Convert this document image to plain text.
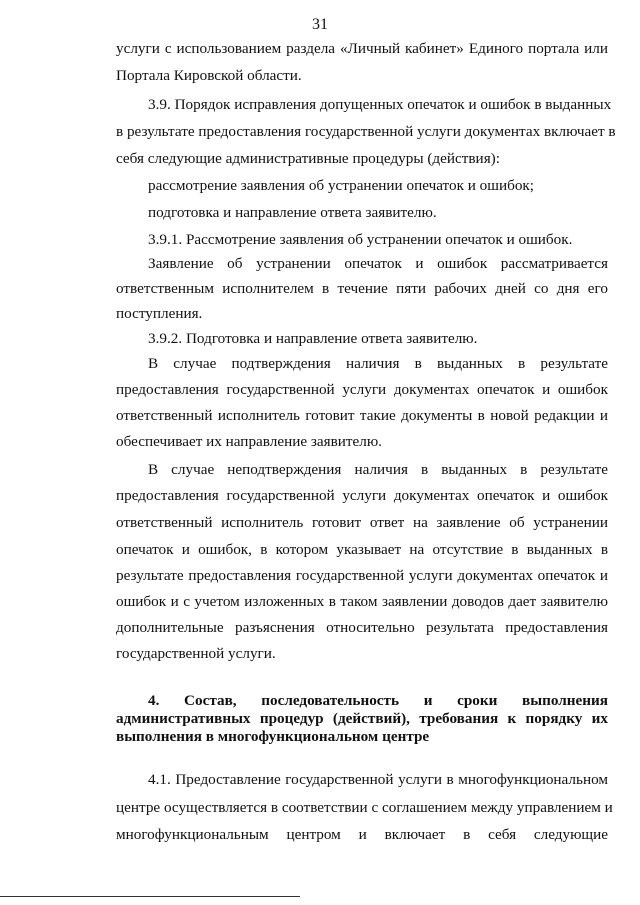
31
услуги с использованием раздела «Личный кабинет» Единого портала или
Портала Кировской области.
3.9. Порядок исправления допущенных опечаток и ошибок в выданных
в результате предоставления государственной услуги документах включает в
себя следующие административные процедуры (действия):
рассмотрение заявления об устранении опечаток и ошибок;
подготовка и направление ответа заявителю.
3.9.1. Рассмотрение заявления об устранении опечаток и ошибок.
Заявление об устранении опечаток и ошибок рассматривается
ответственным исполнителем в течение пяти рабочих дней со дня его
поступления.
3.9.2. Подготовка и направление ответа заявителю.
В случае подтверждения наличия в выданных в результате
предоставления государственной услуги документах опечаток и ошибок
ответственный исполнитель готовит такие документы в новой редакции и
обеспечивает их направление заявителю.
В случае неподтверждения наличия в выданных в результате
предоставления государственной услуги документах опечаток и ошибок
ответственный исполнитель готовит ответ на заявление об устранении
опечаток и ошибок, в котором указывает на отсутствие в выданных в
результате предоставления государственной услуги документах опечаток и
ошибок и с учетом изложенных в таком заявлении доводов дает заявителю
дополнительные разъяснения относительно результата предоставления
государственной услуги.
4. Состав, последовательность и сроки выполнения
административных процедур (действий), требования к порядку их
выполнения в многофункциональном центре
4.1. Предоставление государственной услуги в многофункциональном
центре осуществляется в соответствии с соглашением между управлением и
многофункциональным центром и включает в себя следующие
